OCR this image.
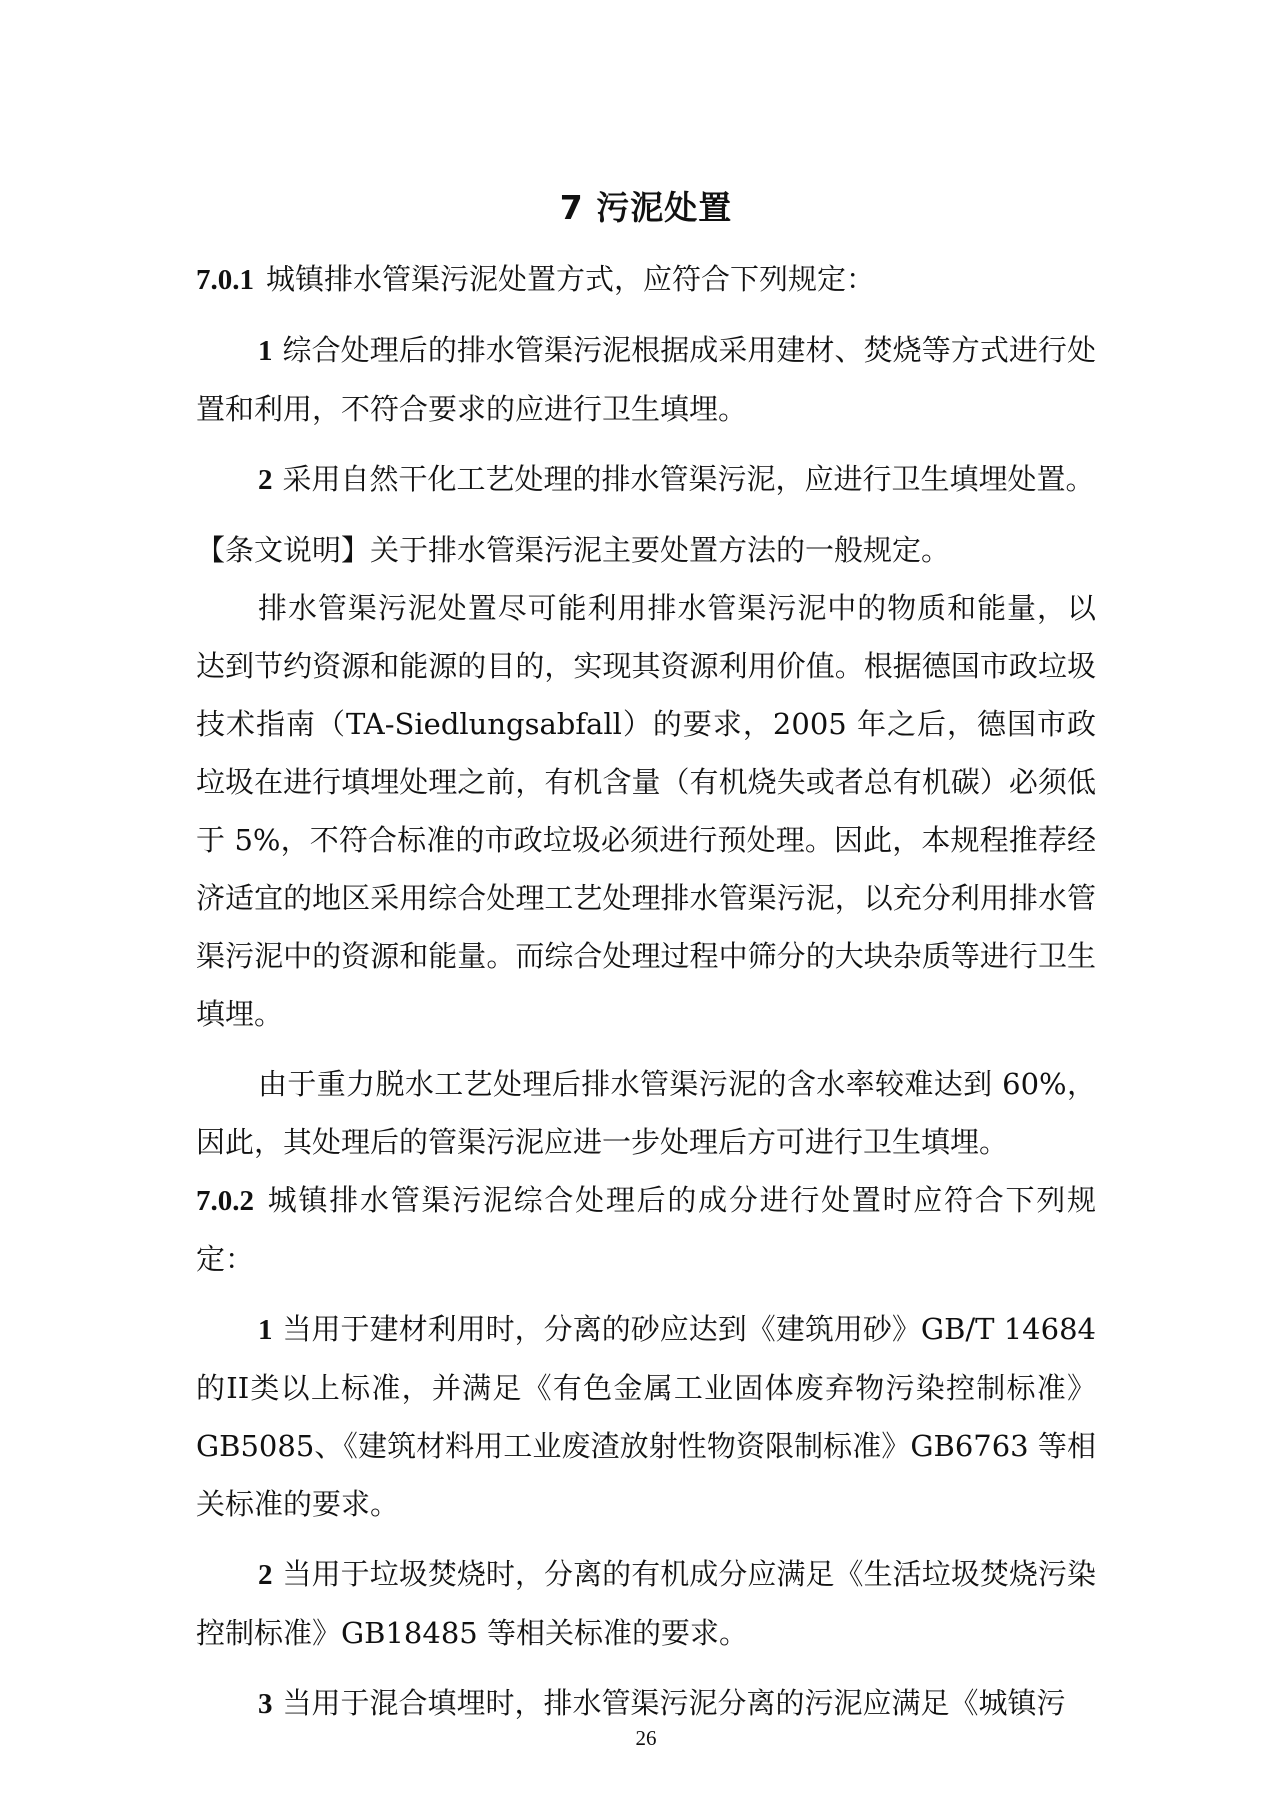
7 污泥处置

7.0.1 城镇排水管渠污泥处置方式，应符合下列规定：

1 综合处理后的排水管渠污泥根据成采用建材、焚烧等方式进行处置和利用，不符合要求的应进行卫生填埋。

2 采用自然干化工艺处理的排水管渠污泥，应进行卫生填埋处置。

【条文说明】关于排水管渠污泥主要处置方法的一般规定。

排水管渠污泥处置尽可能利用排水管渠污泥中的物质和能量，以达到节约资源和能源的目的，实现其资源利用价值。根据德国市政垃圾技术指南（TA-Siedlungsabfall）的要求，2005 年之后，德国市政垃圾在进行填埋处理之前，有机含量（有机烧失或者总有机碳）必须低于 5%，不符合标准的市政垃圾必须进行预处理。因此，本规程推荐经济适宜的地区采用综合处理工艺处理排水管渠污泥，以充分利用排水管渠污泥中的资源和能量。而综合处理过程中筛分的大块杂质等进行卫生填埋。

由于重力脱水工艺处理后排水管渠污泥的含水率较难达到 60%，因此，其处理后的管渠污泥应进一步处理后方可进行卫生填埋。

7.0.2 城镇排水管渠污泥综合处理后的成分进行处置时应符合下列规定：

1 当用于建材利用时，分离的砂应达到《建筑用砂》GB/T 14684 的II类以上标准，并满足《有色金属工业固体废弃物污染控制标准》GB5085、《建筑材料用工业废渣放射性物资限制标准》GB6763 等相关标准的要求。

2 当用于垃圾焚烧时，分离的有机成分应满足《生活垃圾焚烧污染控制标准》GB18485 等相关标准的要求。

3 当用于混合填埋时，排水管渠污泥分离的污泥应满足《城镇污

26
